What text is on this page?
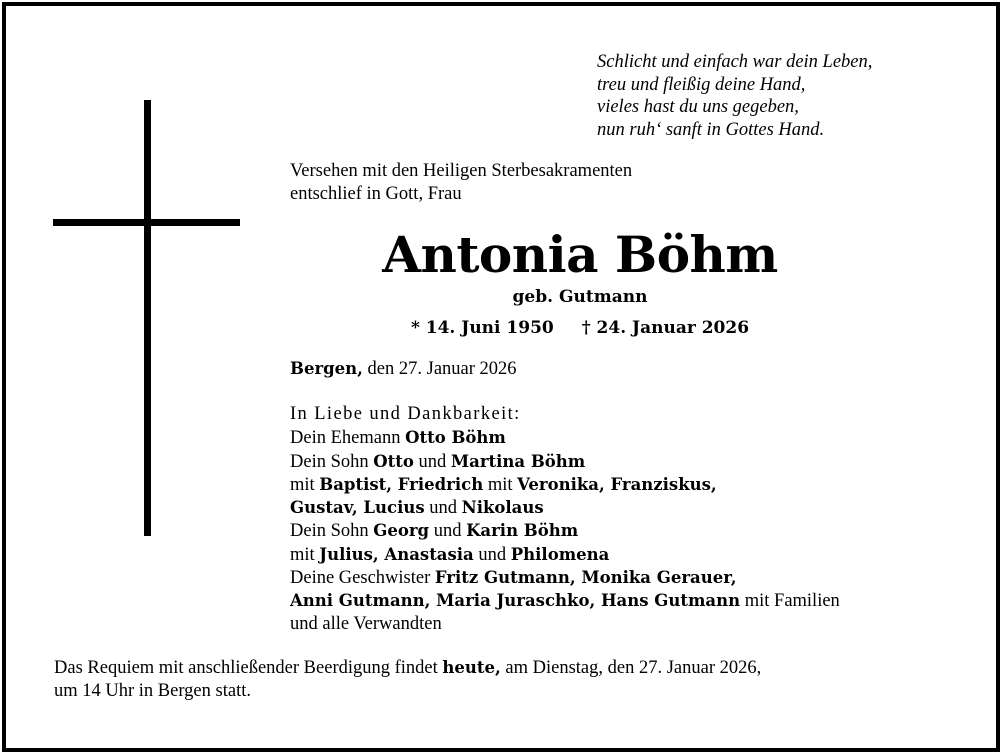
Schlicht und einfach war dein Leben,
treu und fleißig deine Hand,
vieles hast du uns gegeben,
nun ruh‘ sanft in Gottes Hand.
Versehen mit den Heiligen Sterbesakramenten
entschlief in Gott, Frau
Antonia Böhm
geb. Gutmann
* 14. Juni 1950 † 24. Januar 2026
Bergen, den 27. Januar 2026
In Liebe und Dankbarkeit:
Dein Ehemann Otto Böhm
Dein Sohn Otto und Martina Böhm
mit Baptist, Friedrich mit Veronika, Franziskus,
Gustav, Lucius und Nikolaus
Dein Sohn Georg und Karin Böhm
mit Julius, Anastasia und Philomena
Deine Geschwister Fritz Gutmann, Monika Gerauer,
Anni Gutmann, Maria Juraschko, Hans Gutmann mit Familien
und alle Verwandten
Das Requiem mit anschließender Beerdigung findet heute, am Dienstag, den 27. Januar 2026,
um 14 Uhr in Bergen statt.
